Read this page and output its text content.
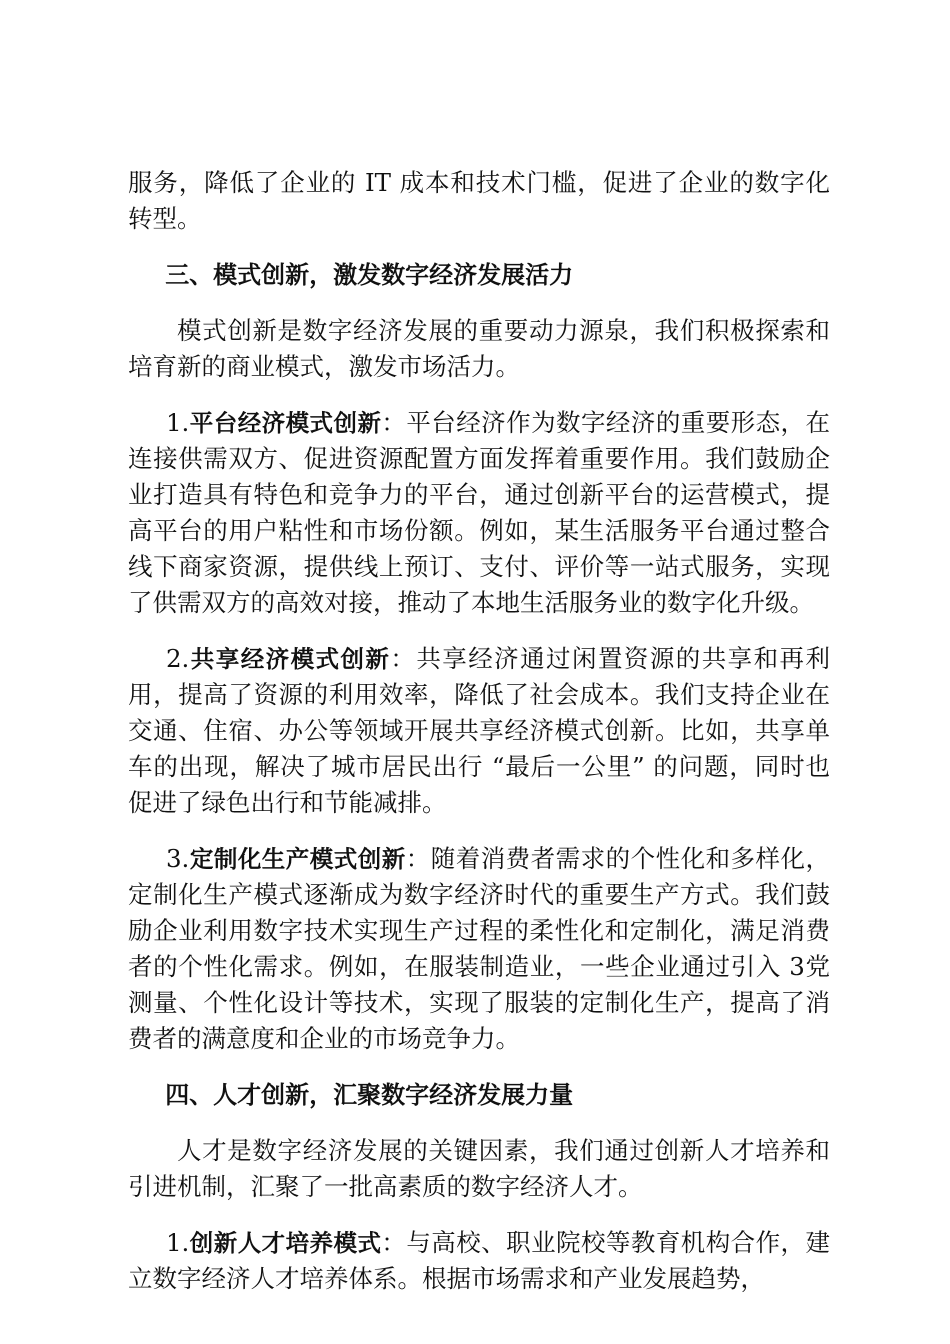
服务，降低了企业的 IT 成本和技术门槛，促进了企业的数字化转型。

三、模式创新，激发数字经济发展活力

模式创新是数字经济发展的重要动力源泉，我们积极探索和培育新的商业模式，激发市场活力。

1.平台经济模式创新：平台经济作为数字经济的重要形态，在连接供需双方、促进资源配置方面发挥着重要作用。我们鼓励企业打造具有特色和竞争力的平台，通过创新平台的运营模式，提高平台的用户粘性和市场份额。例如，某生活服务平台通过整合线下商家资源，提供线上预订、支付、评价等一站式服务，实现了供需双方的高效对接，推动了本地生活服务业的数字化升级。

2.共享经济模式创新：共享经济通过闲置资源的共享和再利用，提高了资源的利用效率，降低了社会成本。我们支持企业在交通、住宿、办公等领域开展共享经济模式创新。比如，共享单车的出现，解决了城市居民出行 “最后一公里” 的问题，同时也促进了绿色出行和节能减排。

3.定制化生产模式创新：随着消费者需求的个性化和多样化，定制化生产模式逐渐成为数字经济时代的重要生产方式。我们鼓励企业利用数字技术实现生产过程的柔性化和定制化，满足消费者的个性化需求。例如，在服装制造业，一些企业通过引入 3党 测量、个性化设计等技术，实现了服装的定制化生产，提高了消费者的满意度和企业的市场竞争力。

四、人才创新，汇聚数字经济发展力量

人才是数字经济发展的关键因素，我们通过创新人才培养和引进机制，汇聚了一批高素质的数字经济人才。

1.创新人才培养模式：与高校、职业院校等教育机构合作，建立数字经济人才培养体系。根据市场需求和产业发展趋势，
